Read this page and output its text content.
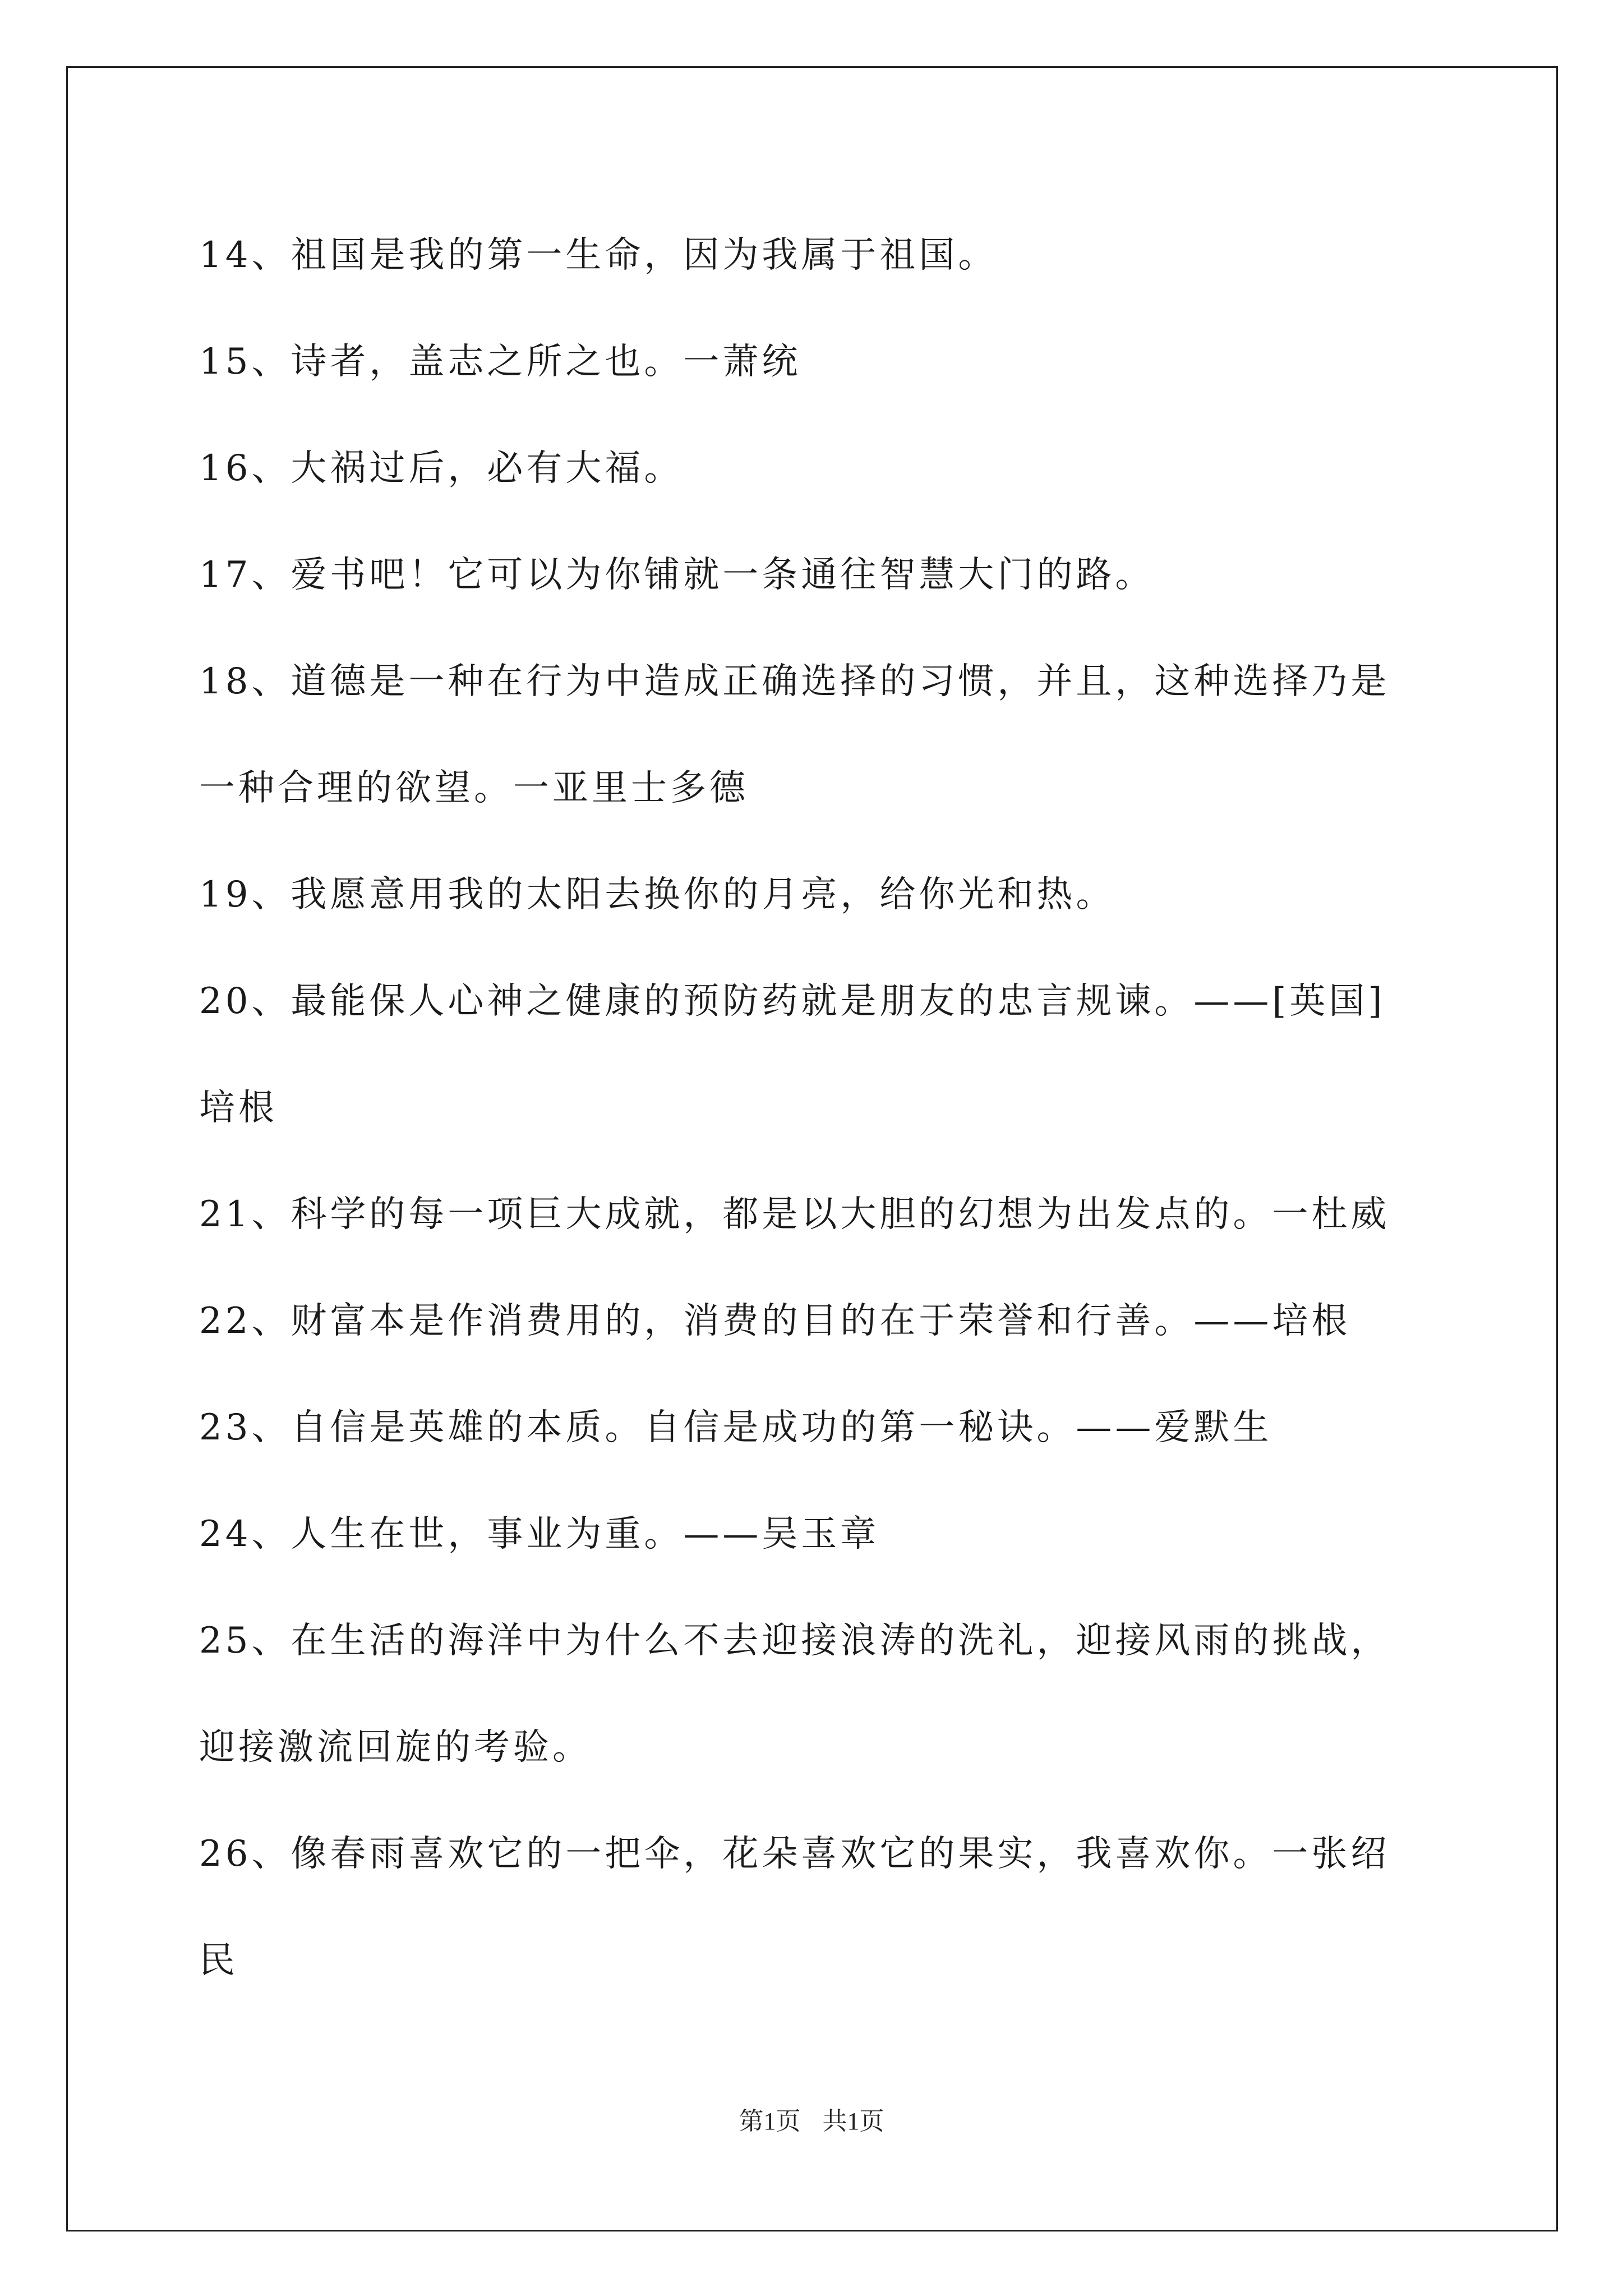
14、祖国是我的第一生命，因为我属于祖国。
15、诗者，盖志之所之也。一萧统
16、大祸过后，必有大福。
17、爱书吧！它可以为你铺就一条通往智慧大门的路。
18、道德是一种在行为中造成正确选择的习惯，并且，这种选择乃是
一种合理的欲望。一亚里士多德
19、我愿意用我的太阳去换你的月亮，给你光和热。
20、最能保人心神之健康的预防药就是朋友的忠言规谏。——[英国]
培根
21、科学的每一项巨大成就，都是以大胆的幻想为出发点的。一杜威
22、财富本是作消费用的，消费的目的在于荣誉和行善。——培根
23、自信是英雄的本质。自信是成功的第一秘诀。——爱默生
24、人生在世，事业为重。——吴玉章
25、在生活的海洋中为什么不去迎接浪涛的洗礼，迎接风雨的挑战，
迎接激流回旋的考验。
26、像春雨喜欢它的一把伞，花朵喜欢它的果实，我喜欢你。一张绍
民
第1页 共1页
